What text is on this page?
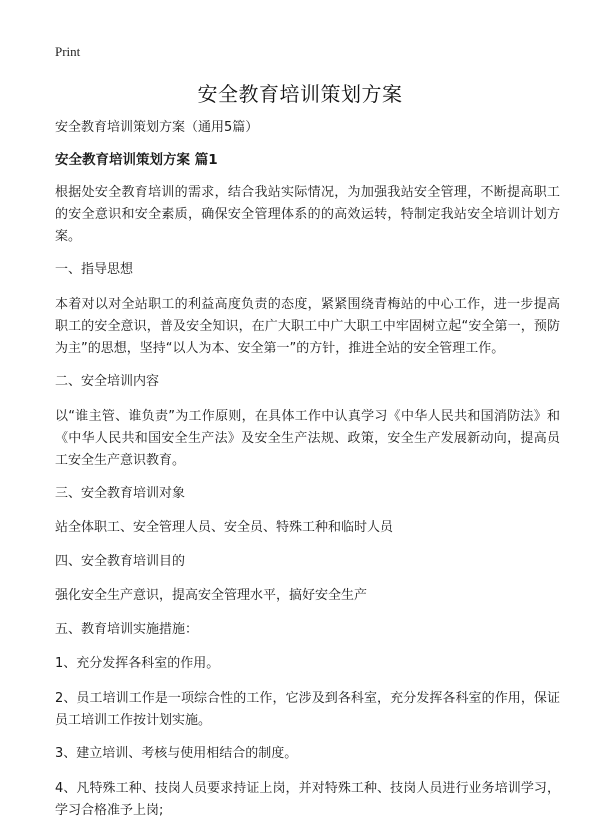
Print
安全教育培训策划方案

安全教育培训策划方案（通用5篇）

安全教育培训策划方案 篇1

根据处安全教育培训的需求，结合我站实际情况，为加强我站安全管理，不断提高职工的安全意识和安全素质，确保安全管理体系的的高效运转，特制定我站安全培训计划方案。

一、指导思想

本着对以对全站职工的利益高度负责的态度，紧紧围绕青梅站的中心工作，进一步提高职工的安全意识，普及安全知识，在广大职工中广大职工中牢固树立起“安全第一，预防为主”的思想，坚持“以人为本、安全第一”的方针，推进全站的安全管理工作。

二、安全培训内容

以“谁主管、谁负责”为工作原则，在具体工作中认真学习《中华人民共和国消防法》和《中华人民共和国安全生产法》及安全生产法规、政策，安全生产发展新动向，提高员工安全生产意识教育。

三、安全教育培训对象

站全体职工、安全管理人员、安全员、特殊工种和临时人员

四、安全教育培训目的

强化安全生产意识，提高安全管理水平，搞好安全生产

五、教育培训实施措施：

1、充分发挥各科室的作用。

2、员工培训工作是一项综合性的工作，它涉及到各科室，充分发挥各科室的作用，保证员工培训工作按计划实施。

3、建立培训、考核与使用相结合的制度。

4、凡特殊工种、技岗人员要求持证上岗，并对特殊工种、技岗人员进行业务培训学习，学习合格准予上岗;
